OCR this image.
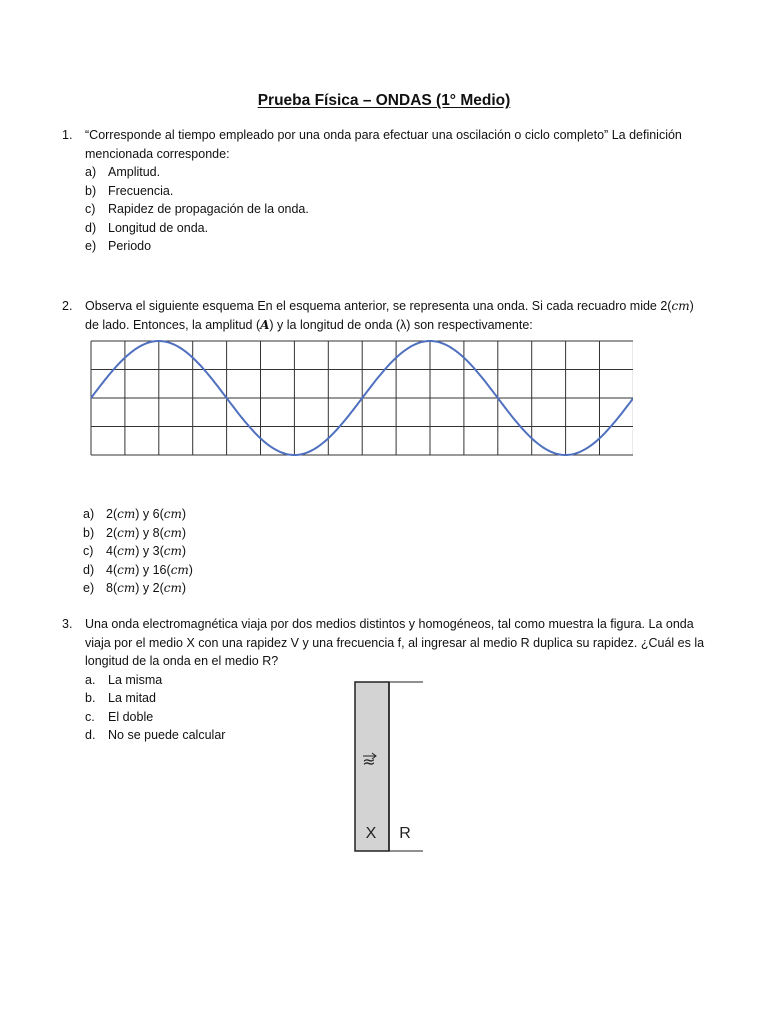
Prueba Física – ONDAS (1° Medio)
1. “Corresponde al tiempo empleado por una onda para efectuar una oscilación o ciclo completo” La definición mencionada corresponde:
a) Amplitud.
b) Frecuencia.
c) Rapidez de propagación de la onda.
d) Longitud de onda.
e) Periodo
2. Observa el siguiente esquema En el esquema anterior, se representa una onda. Si cada recuadro mide 2(cm) de lado. Entonces, la amplitud (A) y la longitud de onda (λ) son respectivamente:
a) 2(cm) y 6(cm)
b) 2(cm) y 8(cm)
c) 4(cm) y 3(cm)
d) 4(cm) y 16(cm)
e) 8(cm) y 2(cm)
3. Una onda electromagnética viaja por dos medios distintos y homogéneos, tal como muestra la figura. La onda viaja por el medio X con una rapidez V y una frecuencia f, al ingresar al medio R duplica su rapidez. ¿Cuál es la longitud de la onda en el medio R?
a. La misma
b. La mitad
c. El doble
d. No se puede calcular
≈
X R
